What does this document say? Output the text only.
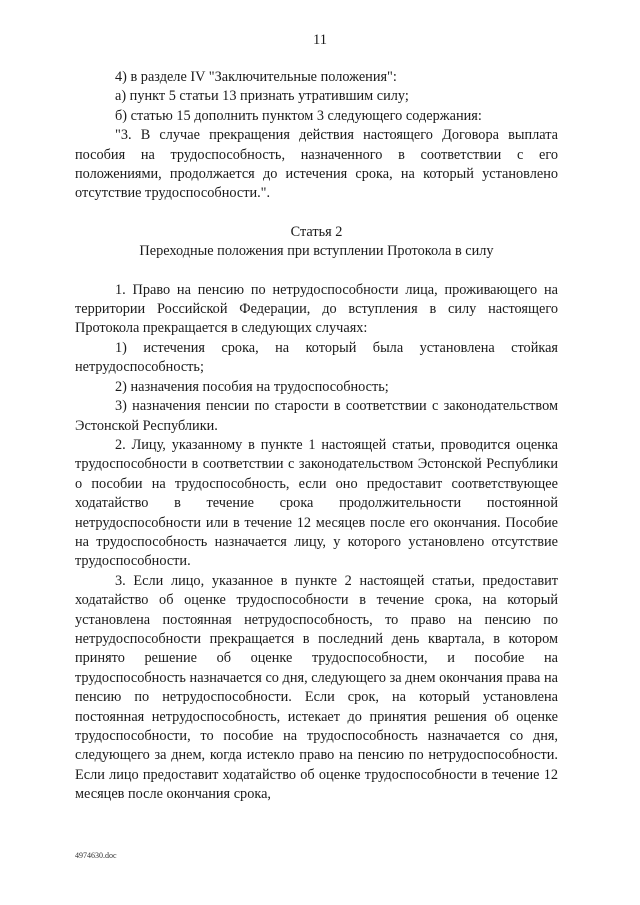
11

4) в разделе IV "Заключительные положения":

а) пункт 5 статьи 13 признать утратившим силу;

б) статью 15 дополнить пунктом 3 следующего содержания:

"3. В случае прекращения действия настоящего Договора выплата пособия на трудоспособность, назначенного в соответствии с его положениями, продолжается до истечения срока, на который установлено отсутствие трудоспособности.".

Статья 2

Переходные положения при вступлении Протокола в силу

1. Право на пенсию по нетрудоспособности лица, проживающего на территории Российской Федерации, до вступления в силу настоящего Протокола прекращается в следующих случаях:

1) истечения срока, на который была установлена стойкая нетрудоспособность;

2) назначения пособия на трудоспособность;

3) назначения пенсии по старости в соответствии с законодательством Эстонской Республики.

2. Лицу, указанному в пункте 1 настоящей статьи, проводится оценка трудоспособности в соответствии с законодательством Эстонской Республики о пособии на трудоспособность, если оно предоставит соответствующее ходатайство в течение срока продолжительности постоянной нетрудоспособности или в течение 12 месяцев после его окончания. Пособие на трудоспособность назначается лицу, у которого установлено отсутствие трудоспособности.

3. Если лицо, указанное в пункте 2 настоящей статьи, предоставит ходатайство об оценке трудоспособности в течение срока, на который установлена постоянная нетрудоспособность, то право на пенсию по нетрудоспособности прекращается в последний день квартала, в котором принято решение об оценке трудоспособности, и пособие на трудоспособность назначается со дня, следующего за днем окончания права на пенсию по нетрудоспособности. Если срок, на который установлена постоянная нетрудоспособность, истекает до принятия решения об оценке трудоспособности, то пособие на трудоспособность назначается со дня, следующего за днем, когда истекло право на пенсию по нетрудоспособности. Если лицо предоставит ходатайство об оценке трудоспособности в течение 12 месяцев после окончания срока,

4974630.doc
